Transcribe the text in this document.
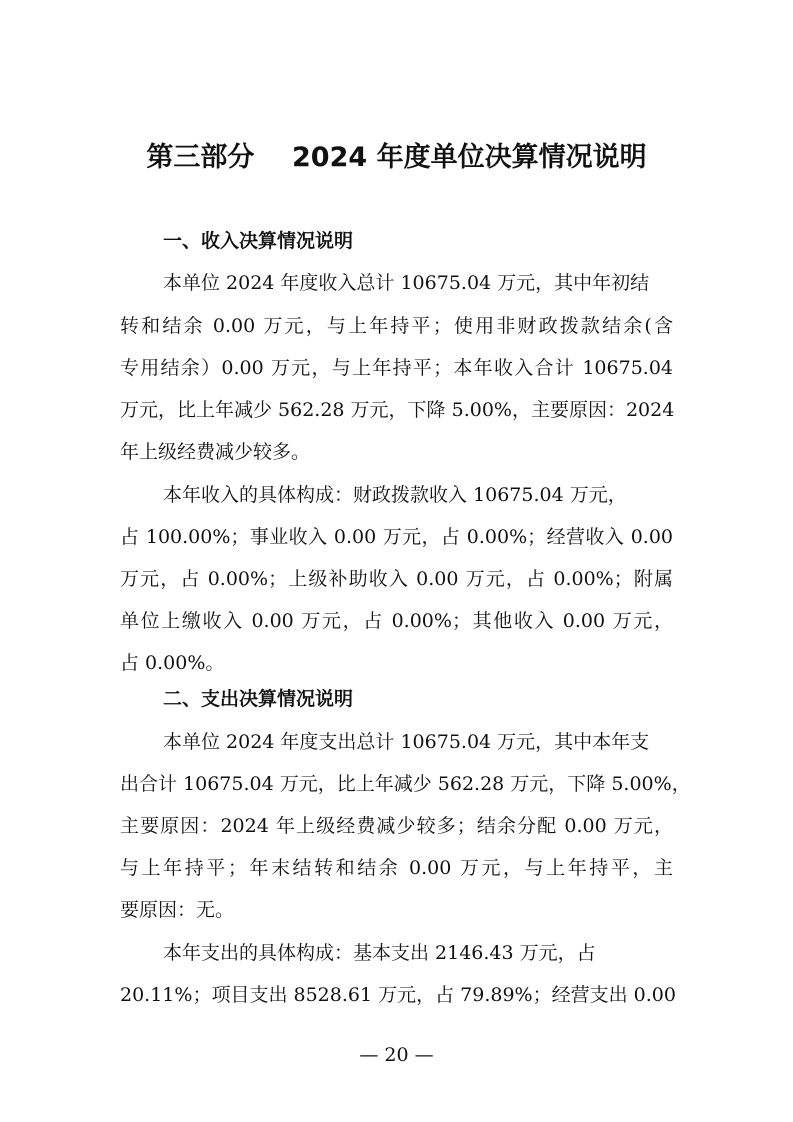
第三部分    2024 年度单位决算情况说明
一、收入决算情况说明

本单位 2024 年度收入总计 10675.04 万元，其中年初结

转和结余 0.00 万元，与上年持平；使用非财政拨款结余(含

专用结余）0.00 万元，与上年持平；本年收入合计 10675.04

万元，比上年减少 562.28 万元，下降 5.00%，主要原因：2024

年上级经费减少较多。

本年收入的具体构成：财政拨款收入 10675.04 万元，

占 100.00%；事业收入 0.00 万元，占 0.00%；经营收入 0.00

万元，占 0.00%；上级补助收入 0.00 万元，占 0.00%；附属

单位上缴收入 0.00 万元，占 0.00%；其他收入 0.00 万元，

占 0.00%。

二、支出决算情况说明

本单位 2024 年度支出总计 10675.04 万元，其中本年支

出合计 10675.04 万元，比上年减少 562.28 万元，下降 5.00%，

主要原因：2024 年上级经费减少较多；结余分配 0.00 万元，

与上年持平；年末结转和结余 0.00 万元，与上年持平，主

要原因：无。

本年支出的具体构成：基本支出 2146.43 万元，占

20.11%；项目支出 8528.61 万元，占 79.89%；经营支出 0.00

— 20 —
